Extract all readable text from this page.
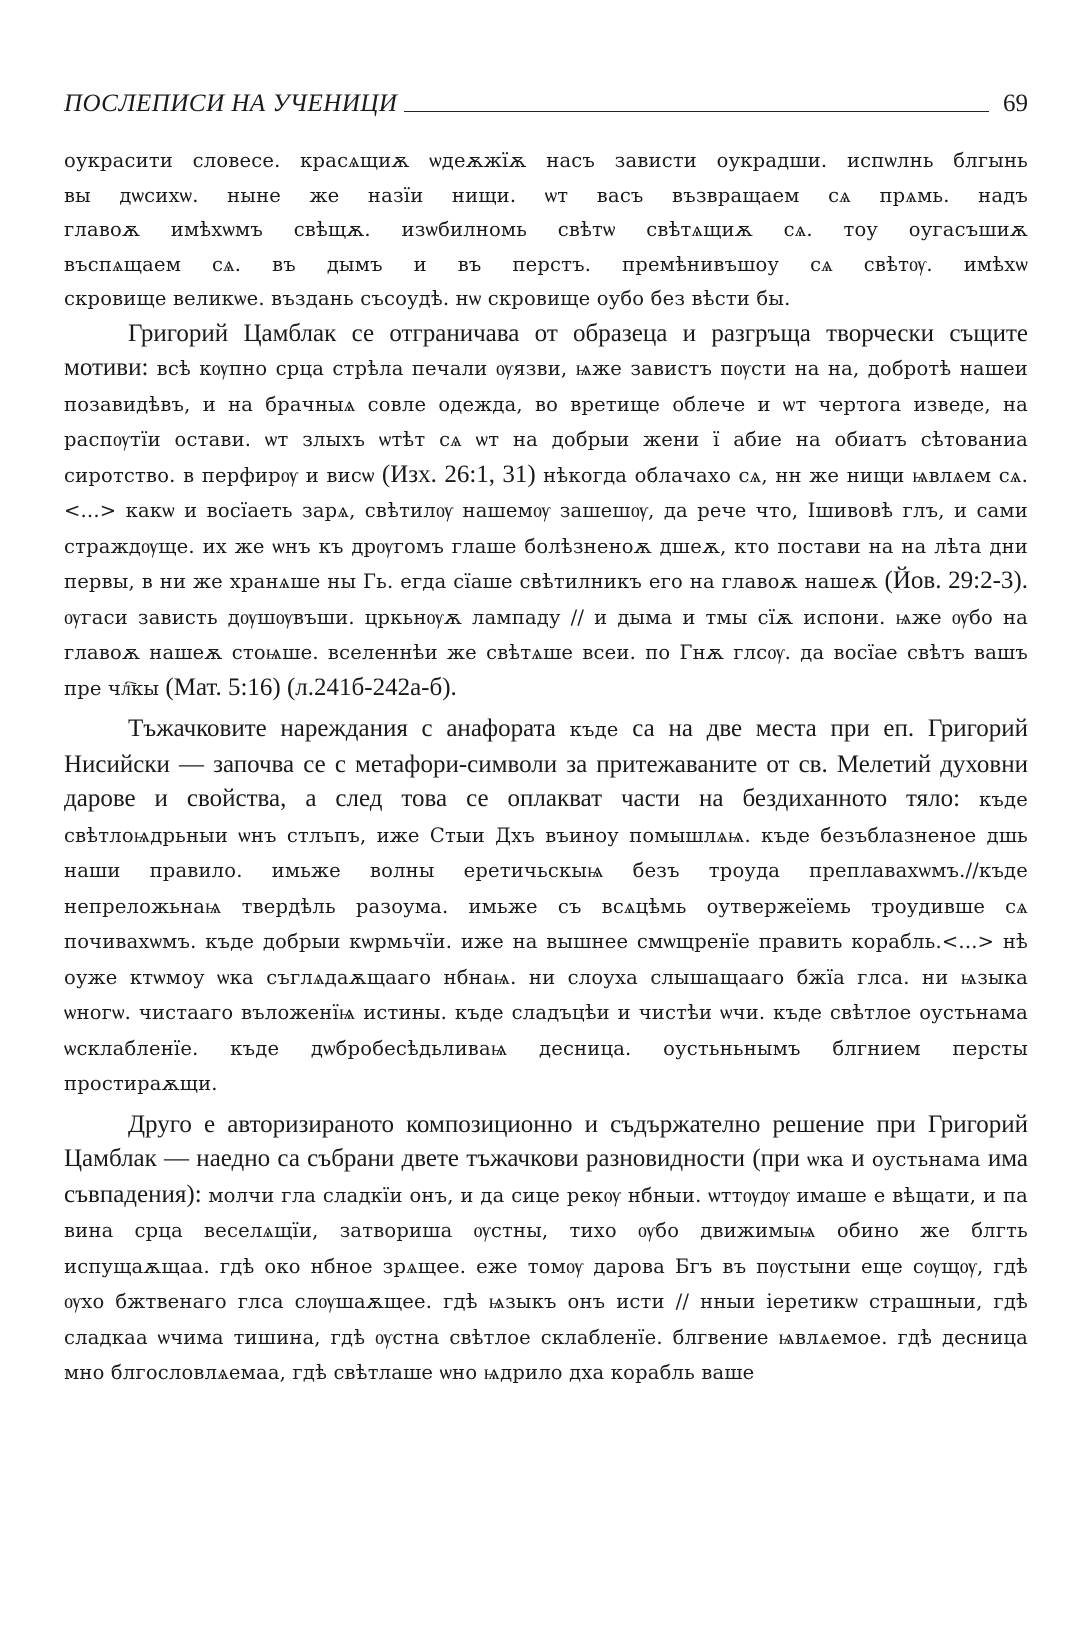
ПОСЛЕПИСИ НА УЧЕНИЦИ	69

оукрасити словесе. красѧщиѫ ѡдеѫжїѫ насъ зависти оукрадши. испѡлнь блгынь

вы дѡсихѡ. ныне же назїи нищи. ѡт васъ възвращаем сѧ прѧмь. надъ

главоѫ имѣхѡмъ свѣщѫ. изѡбилномь свѣтѡ свѣтѧщиѫ сѧ. тоу оугасъшиѫ

въспѧщаем сѧ. въ дымъ и въ перстъ. премѣнивъшоу сѧ свѣтѹ. имѣхѡ

скровище великѡе. въздань съсоудѣ. нѡ скровище оубо без вѣсти бы.

Григорий Цамблак се отграничава от образеца и разгръща творчески същите мотиви: всѣ кѹпно срца стрѣла печали ѹязви, ѩже завистъ пѹсти на на, добротѣ нашеи позавидѣвъ, и на брачныѧ совле одежда, во вретище облече и ѡт чертога изведе, на распѹтїи остави. ѡт злыхъ ѡтѣт сѧ ѡт на добрыи жени ї абие на обиатъ сѣтованиа сиротство. в перфирѹ и висѡ (Изх. 26:1, 31) нѣкогда облачахо сѧ, нн же нищи ѩвлѧем сѧ.<...> какѡ и восїаеть зарѧ, свѣтилѹ нашемѹ зашешѹ, да рече что, Ішивовѣ глъ, и сами страждѹще. их же ѡнъ къ дрѹгомъ глаше болѣзненоѫ дшеѫ, кто постави на на лѣта дни первы, в ни же хранѧше ны Гь. егда сїаше свѣтилникъ его на главоѫ нашеѫ (Йов. 29:2-3). ѹгаси зависть дѹшѹвъши. цркьнѹѫ лампаду // и дыма и тмы сїѫ испони. ѩже ѹбо на главоѫ нашеѫ стоѩше. вселеннѣи же свѣтѧше всеи. по Гнѫ глсѹ. да восїае свѣтъ вашъ пре чл҇кы (Мат. 5:16) (л.241б-242а-б).

Тъжачковите нареждания с анафората къде са на две места при еп. Григорий Нисийски — започва се с метафори-символи за притежаваните от св. Мелетий духовни дарове и свойства, а след това се оплакват части на бездиханното тяло: къде свѣтлоѩдрьныи ѡнъ стлъпъ, иже Стыи Дхъ въиноу помышлѧѩ. къде безъблазненое дшь наши правило. имьже волны еретичьскыѩ безъ троуда преплавахѡмъ.//къде непреложьнаѩ твердѣль разоума. имьже съ всѧцѣмь оутвержеїемь троудивше сѧ почивахѡмъ. къде добрыи кѡрмьчїи. иже на вышнее смѡщренїе править корабль.<...> нѣ оуже ктѡмоу ѡка съглѧдаѫщааго нбнаѩ. ни слоуха слышащааго бжїа глса. ни ѩзыка ѡногѡ. чистааго въложенїѩ истины. къде сладъцѣи и чистѣи ѡчи. къде свѣтлое оустьнама ѡсклабленїе. къде дѡбробесѣдьливаѩ десница. оустьньнымъ блгнием персты простираѫщи.

Друго е авторизираното композиционно и съдържателно решение при Григорий Цамблак — наедно са събрани двете тъжачкови разновидности (при ѡка и оустьнама има съвпадения): молчи гла сладкїи онъ, и да сице рекѹ нбныи. ѡттѹдѹ имаше е вѣщати, и па вина срца веселѧщїи, затвориша ѹстны, тихо ѹбо движимыѩ обино же блгть испущаѫщаа. гдѣ око нбное зрѧщее. еже томѹ дарова Бгъ въ пѹстыни еще сѹщѹ, гдѣ ѹхо бжтвенаго глса слѹшаѫщее. гдѣ ѩзыкъ онъ исти // нныи іеретикѡ страшныи, гдѣ сладкаа ѡчима тишина, гдѣ ѹстна свѣтлое склабленїе. блгвение ѩвлѧемое. гдѣ десница мно блгословлѧемаа, гдѣ свѣтлаше ѡно ѩдрило дха корабль ваше
